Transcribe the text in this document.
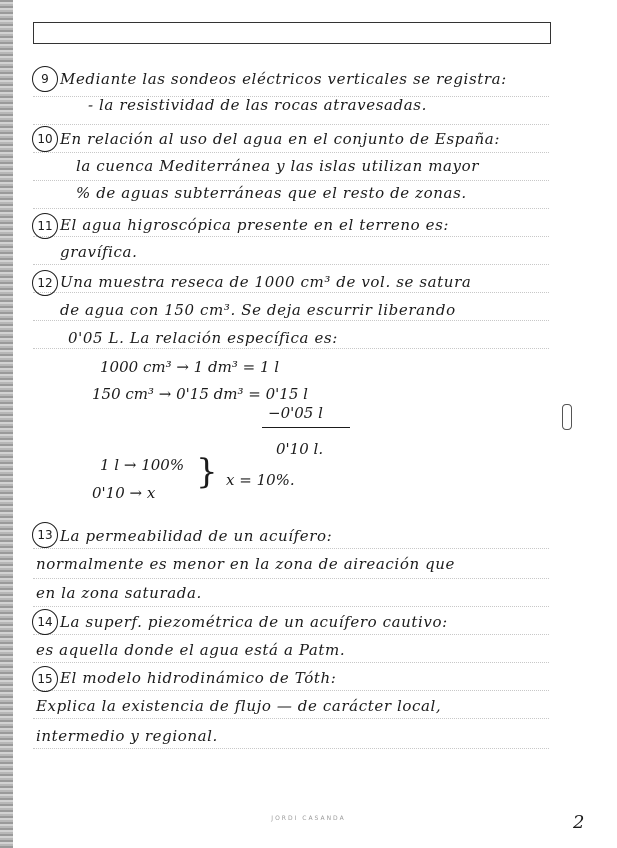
9 Mediante las sondeos eléctricos verticales se registra:
- la resistividad de las rocas atravesadas.
10 En relación al uso del agua en el conjunto de España:
la cuenca Mediterránea y las islas utilizan mayor
% de aguas subterráneas que el resto de zonas.
11 El agua higroscópica presente en el terreno es:
gravífica.
12 Una muestra reseca de 1000 cm³ de vol. se satura
de agua con 150 cm³. Se deja escurrir liberando
0'05 L. La relación específica es:
1000 cm³ → 1 dm³ = 1 l
150 cm³ → 0'15 dm³ = 0'15 l
−0'05 l
0'10 l.
1 l → 100%
0'10 → x
} x = 10%.
13 La permeabilidad de un acuífero:
normalmente es menor en la zona de aireación que
en la zona saturada.
14 La superf. piezométrica de un acuífero cautivo:
es aquella donde el agua está a Patm.
15 El modelo hidrodinámico de Tóth:
Explica la existencia de flujo — de carácter local,
intermedio y regional.
JORDI CASANDA	2
